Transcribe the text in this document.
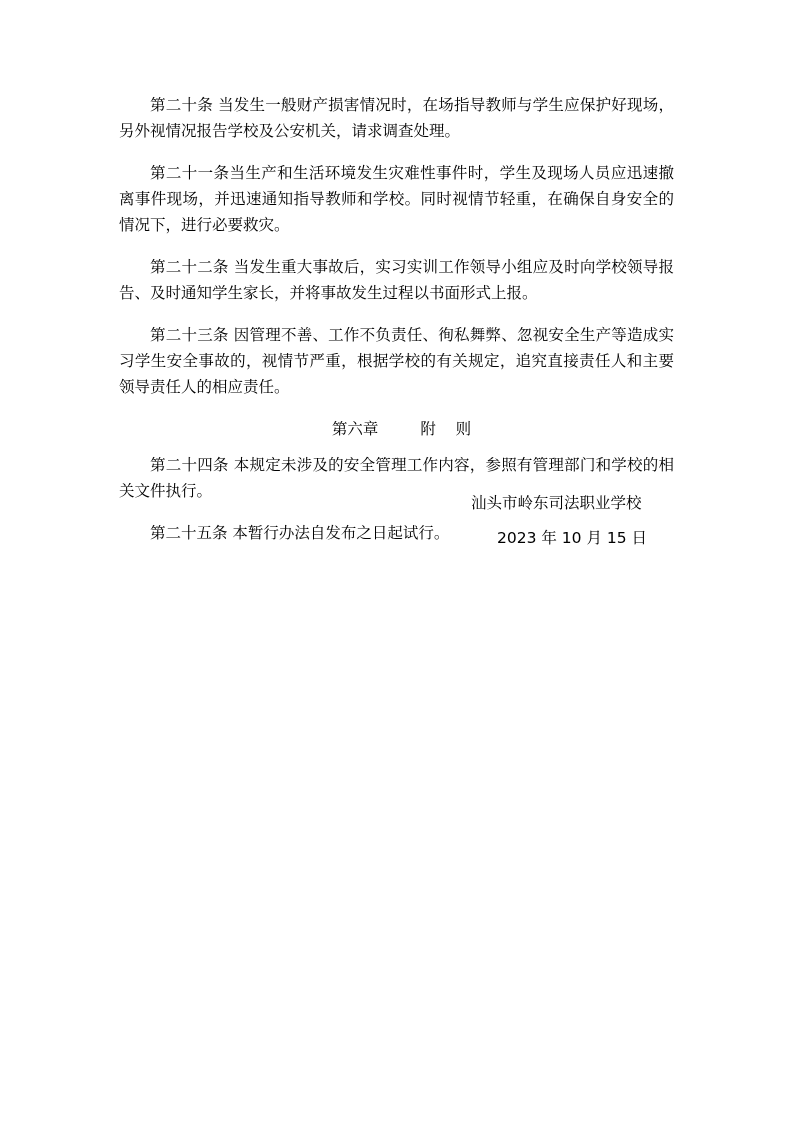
第二十条 当发生一般财产损害情况时，在场指导教师与学生应保护好现场，另外视情况报告学校及公安机关，请求调查处理。

第二十一条当生产和生活环境发生灾难性事件时，学生及现场人员应迅速撤离事件现场，并迅速通知指导教师和学校。同时视情节轻重，在确保自身安全的情况下，进行必要救灾。

第二十二条 当发生重大事故后，实习实训工作领导小组应及时向学校领导报告、及时通知学生家长，并将事故发生过程以书面形式上报。

第二十三条 因管理不善、工作不负责任、徇私舞弊、忽视安全生产等造成实习学生安全事故的，视情节严重，根据学校的有关规定，追究直接责任人和主要领导责任人的相应责任。

第六章	附    则

第二十四条 本规定未涉及的安全管理工作内容，参照有管理部门和学校的相关文件执行。

第二十五条 本暂行办法自发布之日起试行。

汕头市岭东司法职业学校
2023 年 10 月 15 日
